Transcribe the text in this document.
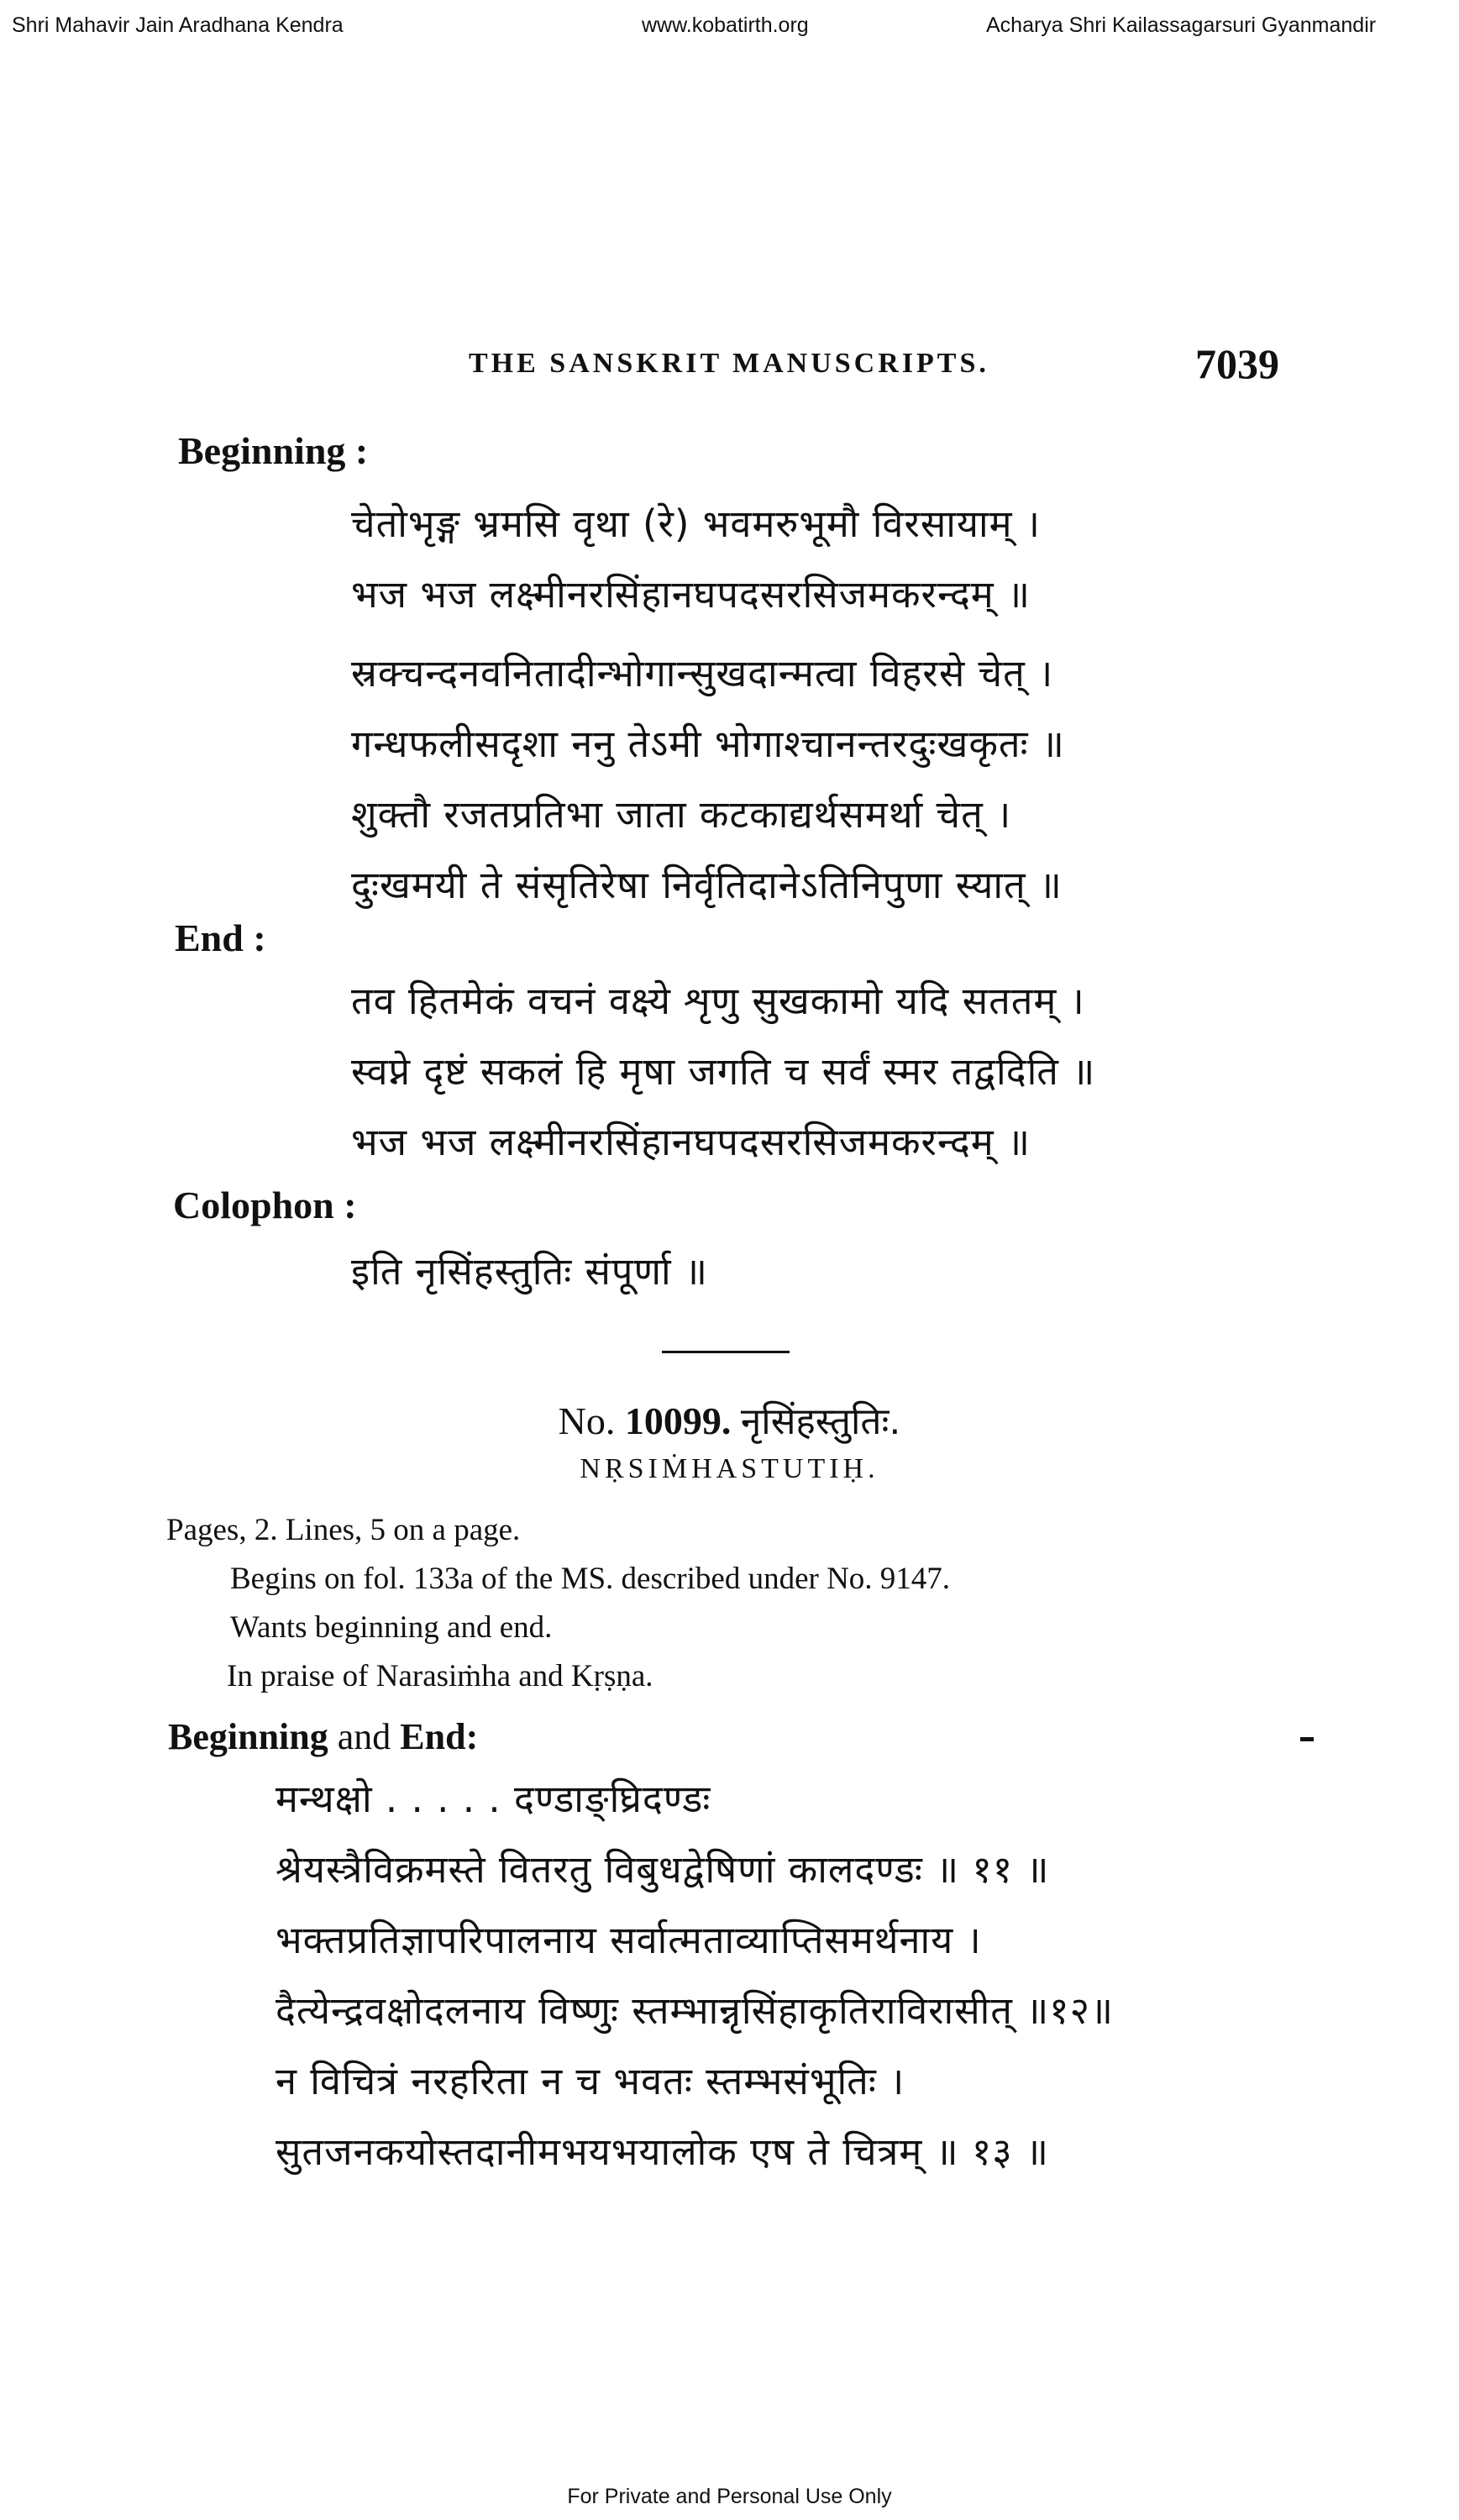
Shri Mahavir Jain Aradhana Kendra	www.kobatirth.org	Acharya Shri Kailassagarsuri Gyanmandir
THE SANSKRIT MANUSCRIPTS.	7039
Beginning :
चेतोभृङ्ग भ्रमसि वृथा (रे) भवमरुभूमौ विरसायाम् ।
भज भज लक्ष्मीनरसिंहानघपदसरसिजमकरन्दम् ॥
स्रक्चन्दनवनितादीन्भोगान्सुखदान्मत्वा विहरसे चेत् ।
गन्धफलीसदृशा ननु तेऽमी भोगाश्चानन्तरदुःखकृतः ॥
शुक्तौ रजतप्रतिभा जाता कटकाद्यर्थसमर्था चेत् ।
दुःखमयी ते संसृतिरेषा निर्वृतिदानेऽतिनिपुणा स्यात् ॥
End :
तव हितमेकं वचनं वक्ष्ये शृणु सुखकामो यदि सततम् ।
स्वप्ने दृष्टं सकलं हि मृषा जगति च सर्वं स्मर तद्वदिति ॥
भज भज लक्ष्मीनरसिंहानघपदसरसिजमकरन्दम् ॥
Colophon :
इति नृसिंहस्तुतिः संपूर्णा ॥
No. 10099. नृसिंहस्तुतिः.
NṚSIṀHASTUTIḤ.
Pages, 2. Lines, 5 on a page.
Begins on fol. 133a of the MS. described under No. 9147.
Wants beginning and end.
In praise of Narasiṁha and Kṛṣṇa.
Beginning and End:
मन्थक्षो . . . . . दण्डाङ्घ्रिदण्डः
श्रेयस्त्रैविक्रमस्ते वितरतु विबुधद्वेषिणां कालदण्डः ॥ ११ ॥
भक्तप्रतिज्ञापरिपालनाय सर्वात्मताव्याप्तिसमर्थनाय ।
दैत्येन्द्रवक्षोदलनाय विष्णुः स्तम्भान्नृसिंहाकृतिराविरासीत् ॥१२॥
न विचित्रं नरहरिता न च भवतः स्तम्भसंभूतिः ।
सुतजनकयोस्तदानीमभयभयालोक एष ते चित्रम् ॥ १३ ॥
For Private and Personal Use Only
